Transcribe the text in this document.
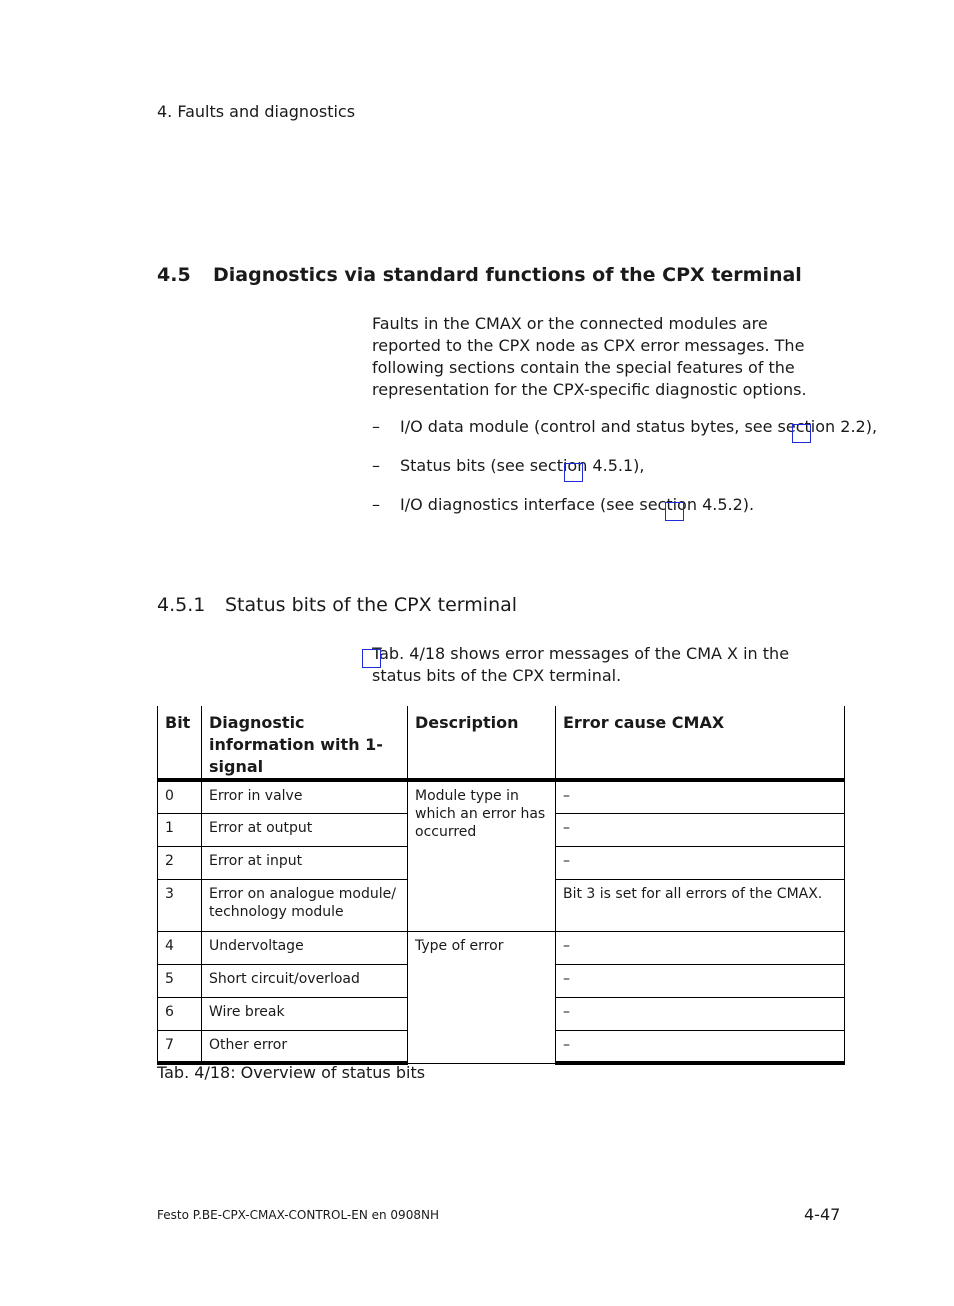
4. Faults and diagnostics
4.5 Diagnostics via standard functions of the CPX terminal
Faults in the CMAX or the connected modules are reported to the CPX node as CPX error messages. The following sections contain the special features of the representation for the CPX-specific diagnostic options.
– I/O data module (control and status bytes, see section 2.2),
– Status bits (see section 4.5.1),
– I/O diagnostics interface (see section 4.5.2).
4.5.1 Status bits of the CPX terminal
Tab. 4/18 shows error messages of the CMA X in the status bits of the CPX terminal.
Bit	Diagnostic information with 1-signal	Description	Error cause CMAX
0	Error in valve	Module type in which an error has occurred	–
1	Error at output		–
2	Error at input		–
3	Error on analogue module/ technology module		Bit 3 is set for all errors of the CMAX.
4	Undervoltage	Type of error	–
5	Short circuit/overload		–
6	Wire break		–
7	Other error		–
Tab. 4/18: Overview of status bits
Festo P.BE-CPX-CMAX-CONTROL-EN en 0908NH	4-47
